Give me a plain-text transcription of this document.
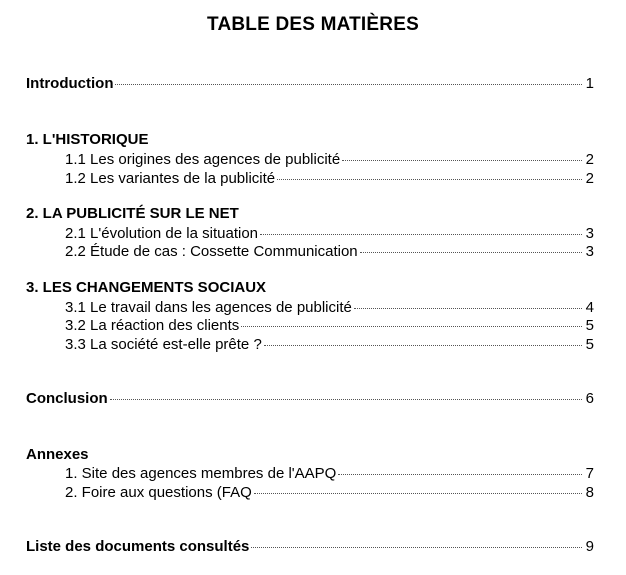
TABLE DES MATIÈRES
Introduction	1
1. L'HISTORIQUE
1.1 Les origines des agences de publicité	2
1.2 Les variantes de la publicité	2
2. LA PUBLICITÉ SUR LE NET
2.1 L'évolution de la situation	3
2.2 Étude de cas : Cossette Communication	3
3. LES CHANGEMENTS SOCIAUX
3.1 Le travail dans les agences de publicité	4
3.2 La réaction des clients	5
3.3 La société est-elle prête ?	5
Conclusion	6
Annexes
1. Site des agences membres de l'AAPQ	7
2. Foire aux questions (FAQ	8
Liste des documents consultés	9
